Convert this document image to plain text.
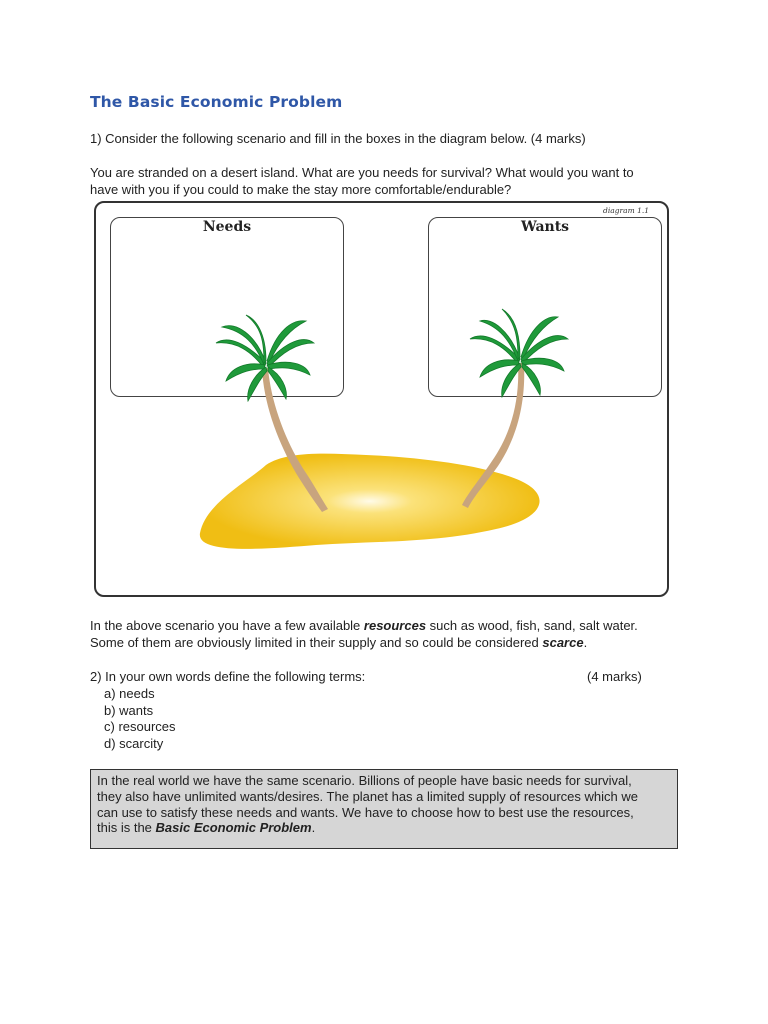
The Basic Economic Problem
1) Consider the following scenario and fill in the boxes in the diagram below. (4 marks)
You are stranded on a desert island. What are you needs for survival? What would you want to
have with you if you could to make the stay more comfortable/endurable?
Needs	Wants
diagram 1.1
In the above scenario you have a few available resources such as wood, fish, sand, salt water.
Some of them are obviously limited in their supply and so could be considered scarce.
2) In your own words define the following terms:	(4 marks)
a) needs
b) wants
c) resources
d) scarcity
In the real world we have the same scenario. Billions of people have basic needs for survival,
they also have unlimited wants/desires. The planet has a limited supply of resources which we
can use to satisfy these needs and wants. We have to choose how to best use the resources,
this is the Basic Economic Problem.
